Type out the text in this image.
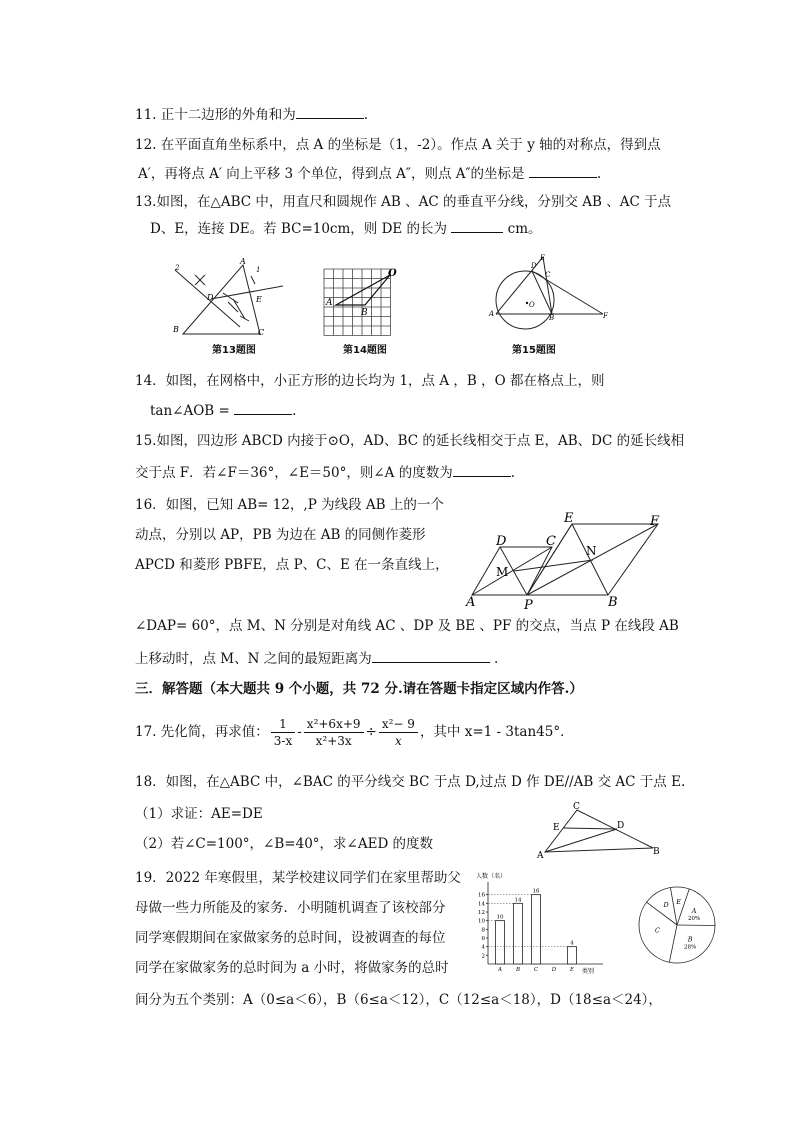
11. 正十二边形的外角和为	.
12. 在平面直角坐标系中，点 A 的坐标是（1，-2）。作点 A 关于 y 轴的对称点，得到点
A′，再将点 A′ 向上平移 3 个单位，得到点 A″，则点 A″的坐标是	.
13.如图，在△ABC 中，用直尺和圆规作 AB 、AC 的垂直平分线，分别交 AB 、AC 于点
D、E，连接 DE。若 BC=10cm，则 DE 的长为	cm。
2
A
B	C
D	E
1
第13题图
A
B
O
第14题图
A	B
D
E
C
F
O
第15题图
14．如图，在网格中，小正方形的边长均为 1，点 A ，B ，O 都在格点上，则
tan∠AOB =	.
15.如图，四边形 ABCD 内接于⊙O，AD、BC 的延长线相交于点 E，AB、DC 的延长线相
交于点 F．若∠F＝36°，∠E＝50°，则∠A 的度数为	.
16．如图，已知 AB= 12，,P 为线段 AB 上的一个
动点，分别以 AP，PB 为边在 AB 的同侧作菱形
APCD 和菱形 PBFE，点 P、C、E 在一条直线上，
∠DAP= 60°，点 M、N 分别是对角线 AC 、DP 及 BE 、PF 的交点，当点 P 在线段 AB
上移动时，点 M、N 之间的最短距离为	.
A	P	B
D	C
E	F
M
N
三．解答题（本大题共 9 个小题，共 72 分.请在答题卡指定区域内作答.）
17. 先化简，再求值： $\frac{1}{3-x} - \frac{\text{x²+6x+9}}{\text{x²+3x}} \div \frac{\text{x²− 9}}{x}$ ，其中 x=1 - 3tan45°．
18．如图，在△ABC 中，∠BAC 的平分线交 BC 于点 D,过点 D 作 DE//AB 交 AC 于点 E.
（1）求证：AE=DE
（2）若∠C=100°，∠B=40°，求∠AED 的度数
A
C
E	D
B
19．2022 年寒假里，某学校建议同学们在家里帮助父
母做一些力所能及的家务．小明随机调查了该校部分
同学寒假期间在家做家务的总时间，设被调查的每位
同学在家做家务的总时间为 a 小时，将做家务的总时
间分为五个类别：A（0≤a＜6），B（6≤a＜12），C（12≤a＜18），D（18≤a＜24），
人数（名）
类别
2
4
6
8
10
12
14
16
10
A
14
B
16
C D
4
E
E
A
20%
B
28%
C
D
